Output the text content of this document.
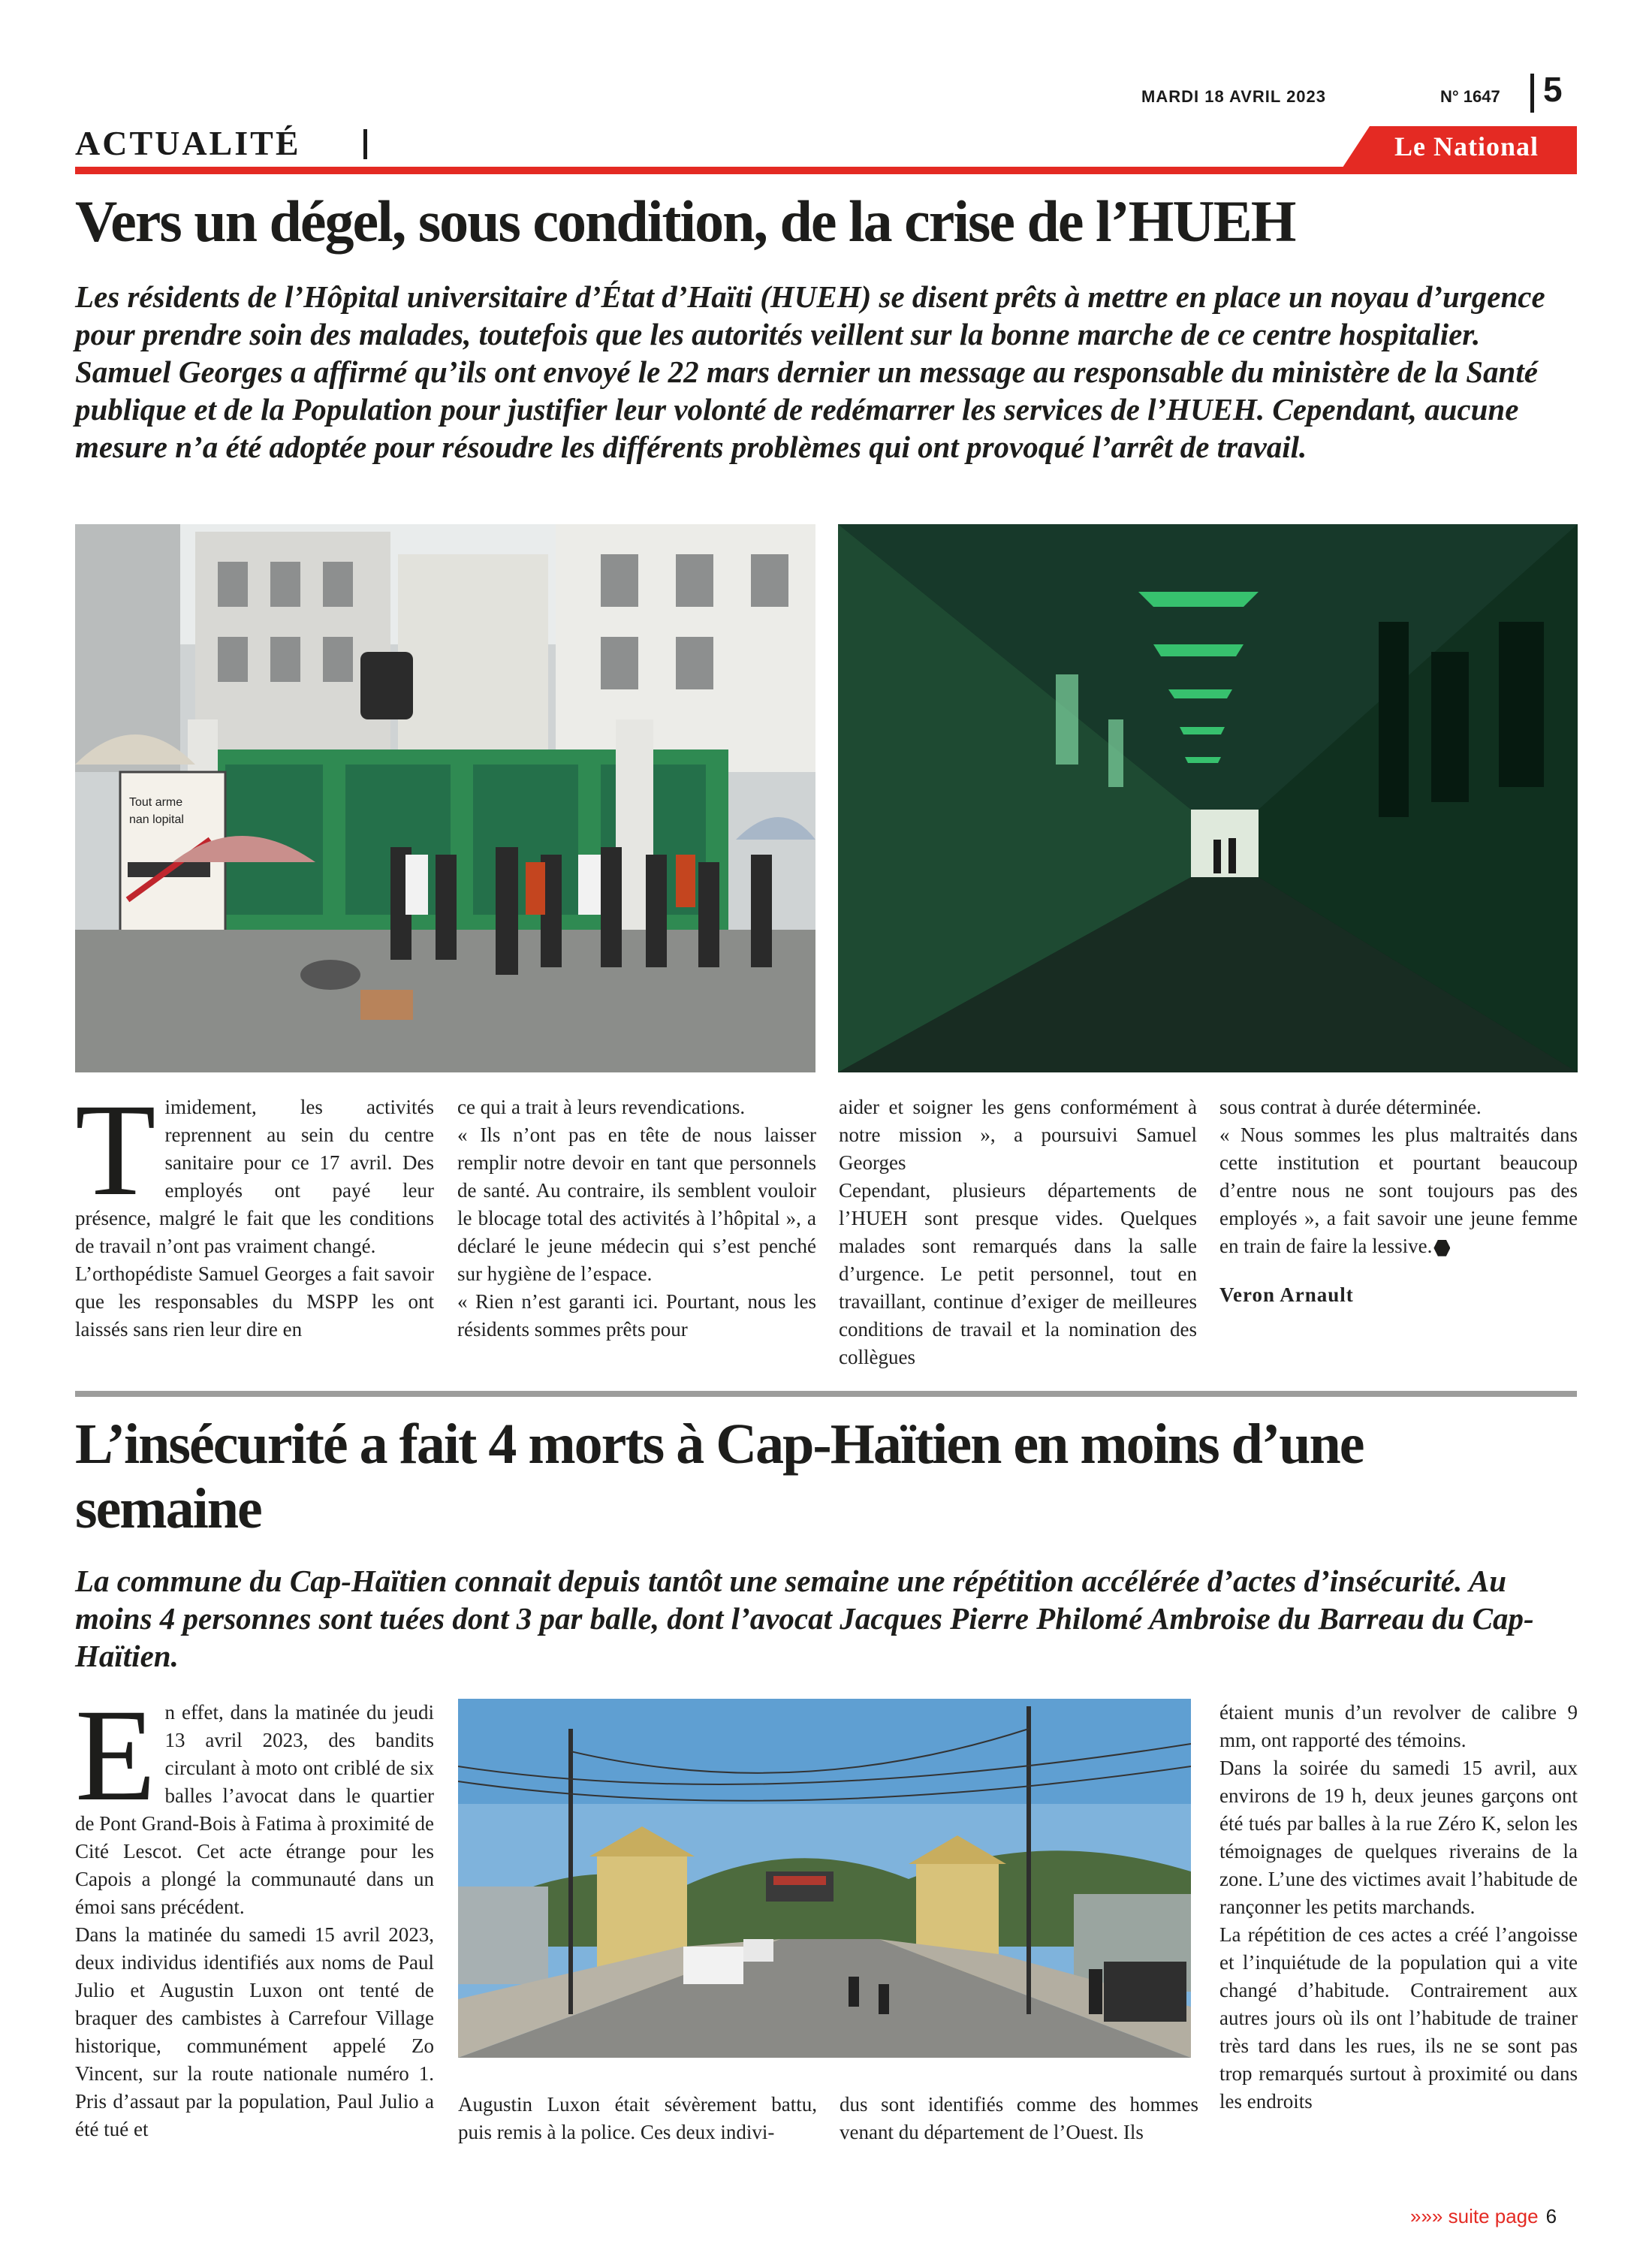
MARDI 18 AVRIL 2023	N° 1647 5
ACTUALITÉ	Le National
Vers un dégel, sous condition, de la crise de l’HUEH
Les résidents de l’Hôpital universitaire d’État d’Haïti (HUEH) se disent prêts à mettre en place un noyau d’urgence pour prendre soin des malades, toutefois que les autorités veillent sur la bonne marche de ce centre hospitalier. Samuel Georges a affirmé qu’ils ont envoyé le 22 mars dernier un message au responsable du ministère de la Santé publique et de la Population pour justifier leur volonté de redémarrer les services de l’HUEH. Cependant, aucune mesure n’a été adoptée pour résoudre les différents problèmes qui ont provoqué l’arrêt de travail.
Tout arme
nan lopital
T imidement, les activités reprennent au sein du centre sanitaire pour ce 17 avril. Des employés ont payé leur présence, malgré le fait que les conditions de travail n’ont pas vraiment changé.

L’orthopédiste Samuel Georges a fait savoir que les responsables du MSPP les ont laissés sans rien leur dire en

ce qui a trait à leurs revendications.

« Ils n’ont pas en tête de nous laisser remplir notre devoir en tant que personnels de santé. Au contraire, ils semblent vouloir le blocage total des activités à l’hôpital », a déclaré le jeune médecin qui s’est penché sur hygiène de l’espace.

« Rien n’est garanti ici. Pourtant, nous les résidents sommes prêts pour

aider et soigner les gens conformément à notre mission », a poursuivi Samuel Georges

Cependant, plusieurs départements de l’HUEH sont presque vides. Quelques malades sont remarqués dans la salle d’urgence. Le petit personnel, tout en travaillant, continue d’exiger de meilleures conditions de travail et la nomination des collègues

sous contrat à durée déterminée.

« Nous sommes les plus maltraités dans cette institution et pourtant beaucoup d’entre nous ne sont toujours pas des employés », a fait savoir une jeune femme en train de faire la lessive.

Veron Arnault

L’insécurité a fait 4 morts à Cap-Haïtien en moins d’une semaine
La commune du Cap-Haïtien connait depuis tantôt une semaine une répétition accélérée d’actes d’insécurité. Au moins 4 personnes sont tuées dont 3 par balle, dont l’avocat Jacques Pierre Philomé Ambroise du Barreau du Cap-Haïtien.
E n effet, dans la matinée du jeudi 13 avril 2023, des bandits circulant à moto ont criblé de six balles l’avocat dans le quartier de Pont Grand-Bois à Fatima à proximité de Cité Lescot. Cet acte étrange pour les Capois a plongé la communauté dans un émoi sans précédent.

Dans la matinée du samedi 15 avril 2023, deux individus identifiés aux noms de Paul Julio et Augustin Luxon ont tenté de braquer des cambistes à Carrefour Village historique, communément appelé Zo Vincent, sur la route nationale numéro 1. Pris d’assaut par la population, Paul Julio a été tué et

Augustin Luxon était sévèrement battu, puis remis à la police. Ces deux indivi-

dus sont identifiés comme des hommes venant du département de l’Ouest. Ils

étaient munis d’un revolver de calibre 9 mm, ont rapporté des témoins.

Dans la soirée du samedi 15 avril, aux environs de 19 h, deux jeunes garçons ont été tués par balles à la rue Zéro K, selon les témoignages de quelques riverains de la zone. L’une des victimes avait l’habitude de rançonner les petits marchands.

La répétition de ces actes a créé l’angoisse et l’inquiétude de la population qui a vite changé d’habitude. Contrairement aux autres jours où ils ont l’habitude de trainer très tard dans les rues, ils ne se sont pas trop remarqués surtout à proximité ou dans les endroits

»»» suite page 6
